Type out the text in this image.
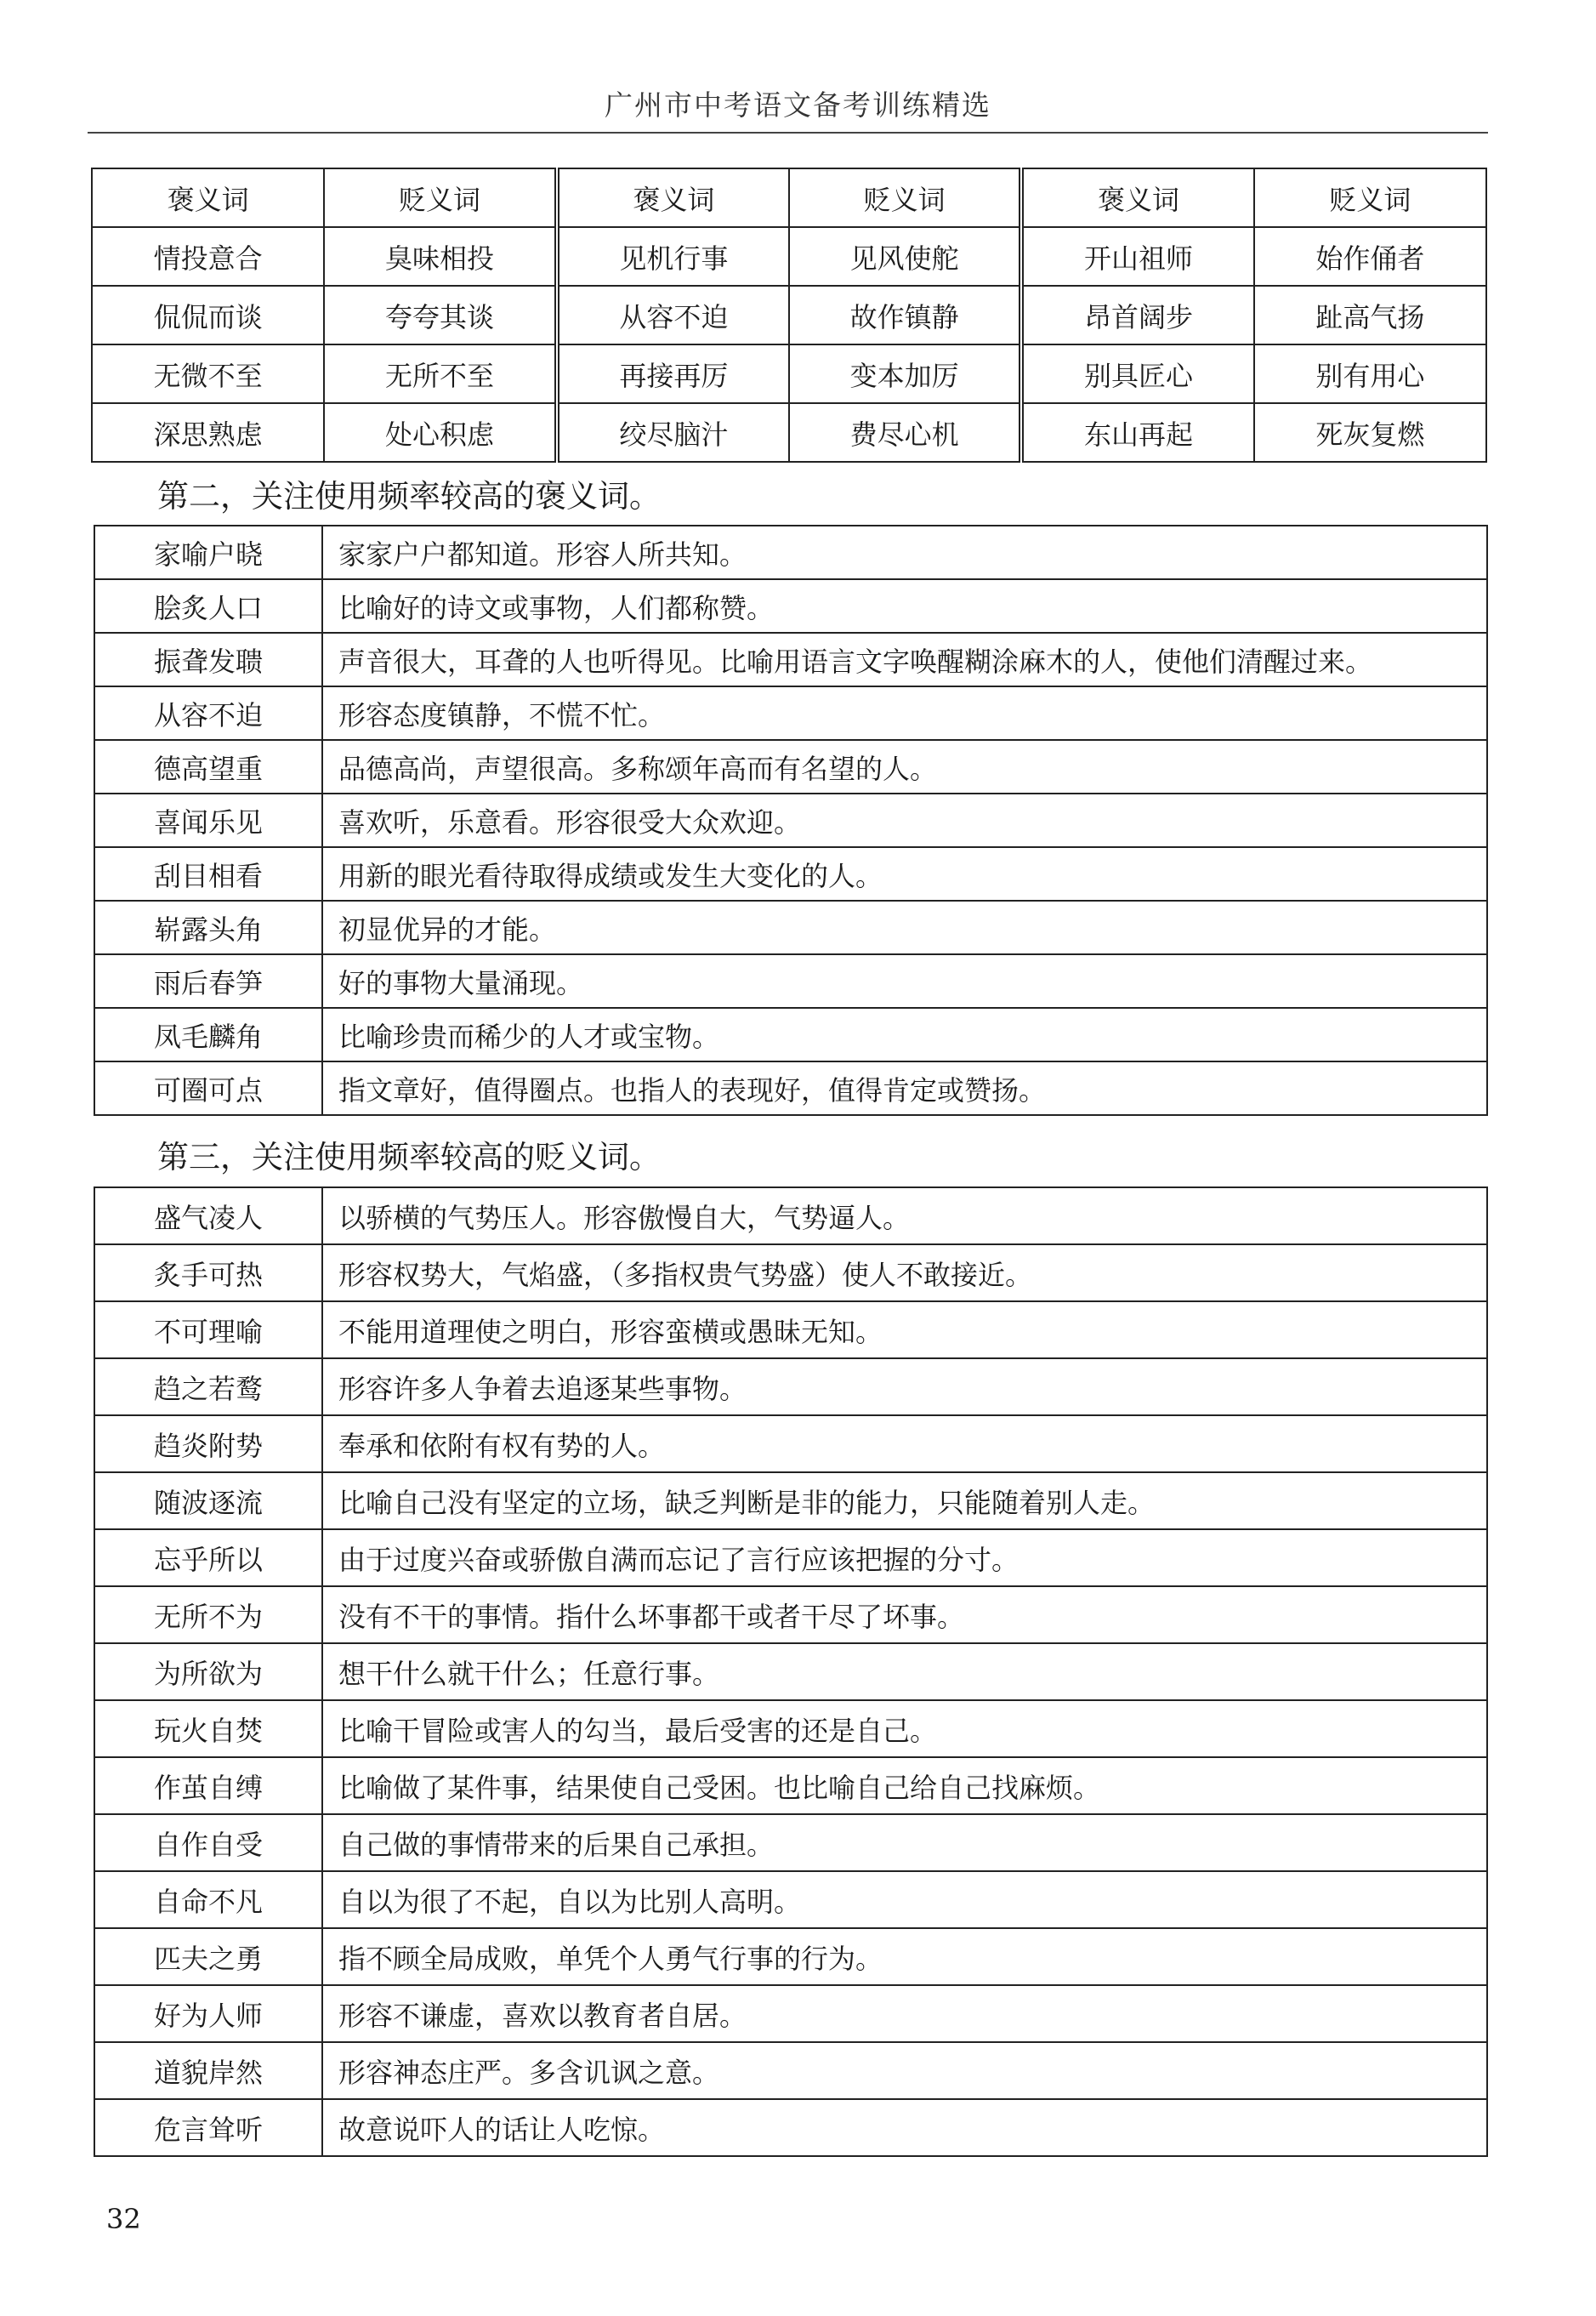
广州市中考语文备考训练精选
褒义词	贬义词	褒义词	贬义词	褒义词	贬义词
情投意合	臭味相投	见机行事	见风使舵	开山祖师	始作俑者
侃侃而谈	夸夸其谈	从容不迫	故作镇静	昂首阔步	趾高气扬
无微不至	无所不至	再接再厉	变本加厉	别具匠心	别有用心
深思熟虑	处心积虑	绞尽脑汁	费尽心机	东山再起	死灰复燃
第二，关注使用频率较高的褒义词。
家喻户晓	家家户户都知道。形容人所共知。
脍炙人口	比喻好的诗文或事物，人们都称赞。
振聋发聩	声音很大，耳聋的人也听得见。比喻用语言文字唤醒糊涂麻木的人，使他们清醒过来。
从容不迫	形容态度镇静，不慌不忙。
德高望重	品德高尚，声望很高。多称颂年高而有名望的人。
喜闻乐见	喜欢听，乐意看。形容很受大众欢迎。
刮目相看	用新的眼光看待取得成绩或发生大变化的人。
崭露头角	初显优异的才能。
雨后春笋	好的事物大量涌现。
凤毛麟角	比喻珍贵而稀少的人才或宝物。
可圈可点	指文章好，值得圈点。也指人的表现好，值得肯定或赞扬。
第三，关注使用频率较高的贬义词。
盛气凌人	以骄横的气势压人。形容傲慢自大，气势逼人。
炙手可热	形容权势大，气焰盛，（多指权贵气势盛）使人不敢接近。
不可理喻	不能用道理使之明白，形容蛮横或愚昧无知。
趋之若鹜	形容许多人争着去追逐某些事物。
趋炎附势	奉承和依附有权有势的人。
随波逐流	比喻自己没有坚定的立场，缺乏判断是非的能力，只能随着别人走。
忘乎所以	由于过度兴奋或骄傲自满而忘记了言行应该把握的分寸。
无所不为	没有不干的事情。指什么坏事都干或者干尽了坏事。
为所欲为	想干什么就干什么；任意行事。
玩火自焚	比喻干冒险或害人的勾当，最后受害的还是自己。
作茧自缚	比喻做了某件事，结果使自己受困。也比喻自己给自己找麻烦。
自作自受	自己做的事情带来的后果自己承担。
自命不凡	自以为很了不起，自以为比别人高明。
匹夫之勇	指不顾全局成败，单凭个人勇气行事的行为。
好为人师	形容不谦虚，喜欢以教育者自居。
道貌岸然	形容神态庄严。多含讥讽之意。
危言耸听	故意说吓人的话让人吃惊。
32
